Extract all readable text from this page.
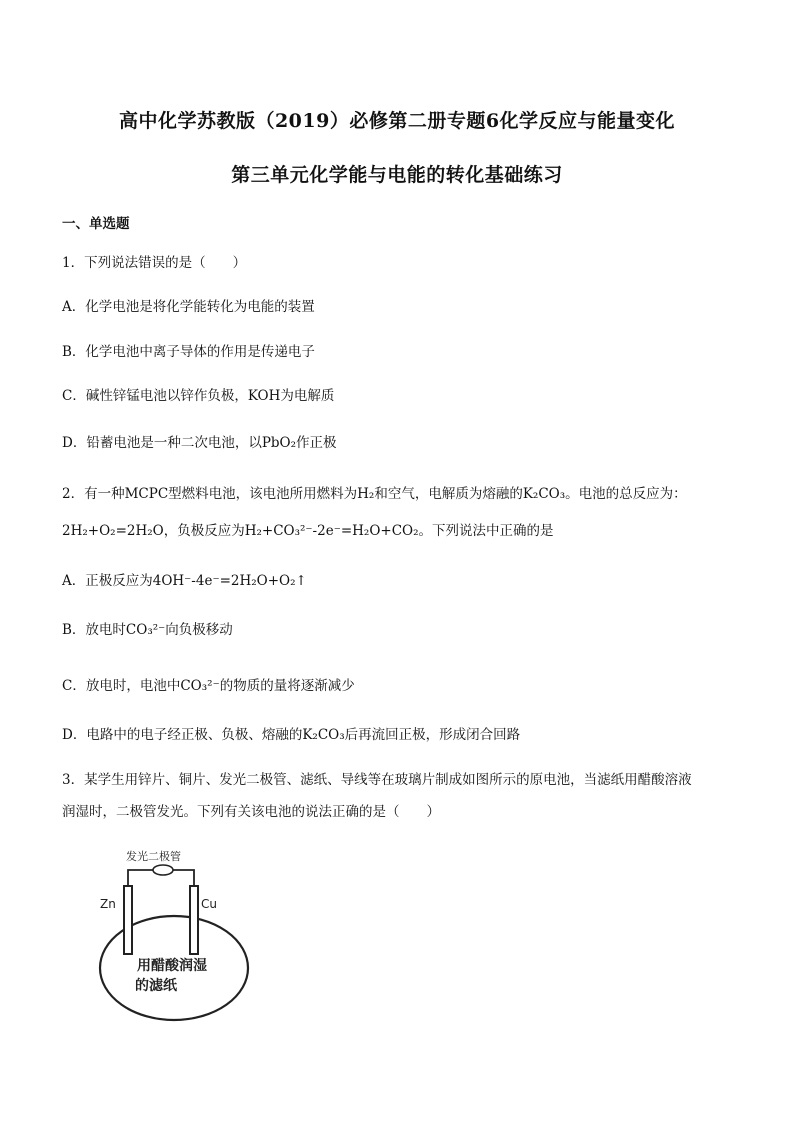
高中化学苏教版（2019）必修第二册专题6化学反应与能量变化
第三单元化学能与电能的转化基础练习
一、单选题
1．下列说法错误的是（　　）
A．化学电池是将化学能转化为电能的装置
B．化学电池中离子导体的作用是传递电子
C．碱性锌锰电池以锌作负极，KOH为电解质
D．铅蓄电池是一种二次电池，以PbO₂作正极
2．有一种MCPC型燃料电池，该电池所用燃料为H₂和空气，电解质为熔融的K₂CO₃。电池的总反应为：
2H₂+O₂=2H₂O，负极反应为H₂+CO₃²⁻-2e⁻=H₂O+CO₂。下列说法中正确的是
A．正极反应为4OH⁻-4e⁻=2H₂O+O₂↑
B．放电时CO₃²⁻向负极移动
C．放电时，电池中CO₃²⁻的物质的量将逐渐减少
D．电路中的电子经正极、负极、熔融的K₂CO₃后再流回正极，形成闭合回路
3．某学生用锌片、铜片、发光二极管、滤纸、导线等在玻璃片制成如图所示的原电池，当滤纸用醋酸溶液
润湿时，二极管发光。下列有关该电池的说法正确的是（　　）
发光二极管
Zn	Cu
用醋酸润湿
的滤纸
